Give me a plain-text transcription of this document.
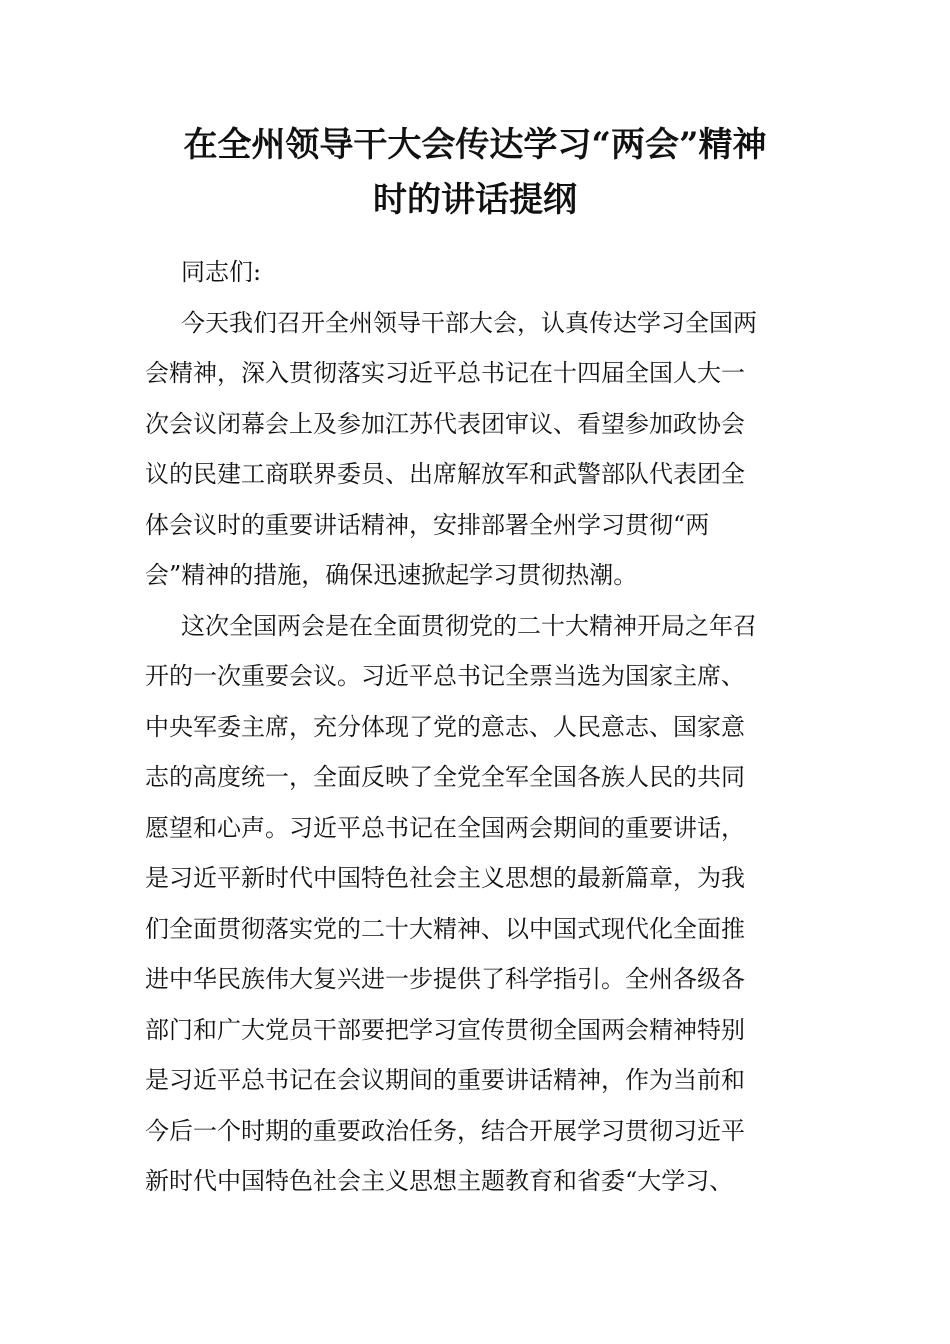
在全州领导干大会传达学习“两会”精神
时的讲话提纲
同志们:
今天我们召开全州领导干部大会，认真传达学习全国两
会精神，深入贯彻落实习近平总书记在十四届全国人大一
次会议闭幕会上及参加江苏代表团审议、看望参加政协会
议的民建工商联界委员、出席解放军和武警部队代表团全
体会议时的重要讲话精神，安排部署全州学习贯彻“两
会”精神的措施，确保迅速掀起学习贯彻热潮。
这次全国两会是在全面贯彻党的二十大精神开局之年召
开的一次重要会议。习近平总书记全票当选为国家主席、
中央军委主席，充分体现了党的意志、人民意志、国家意
志的高度统一，全面反映了全党全军全国各族人民的共同
愿望和心声。习近平总书记在全国两会期间的重要讲话，
是习近平新时代中国特色社会主义思想的最新篇章，为我
们全面贯彻落实党的二十大精神、以中国式现代化全面推
进中华民族伟大复兴进一步提供了科学指引。全州各级各
部门和广大党员干部要把学习宣传贯彻全国两会精神特别
是习近平总书记在会议期间的重要讲话精神，作为当前和
今后一个时期的重要政治任务，结合开展学习贯彻习近平
新时代中国特色社会主义思想主题教育和省委“大学习、
